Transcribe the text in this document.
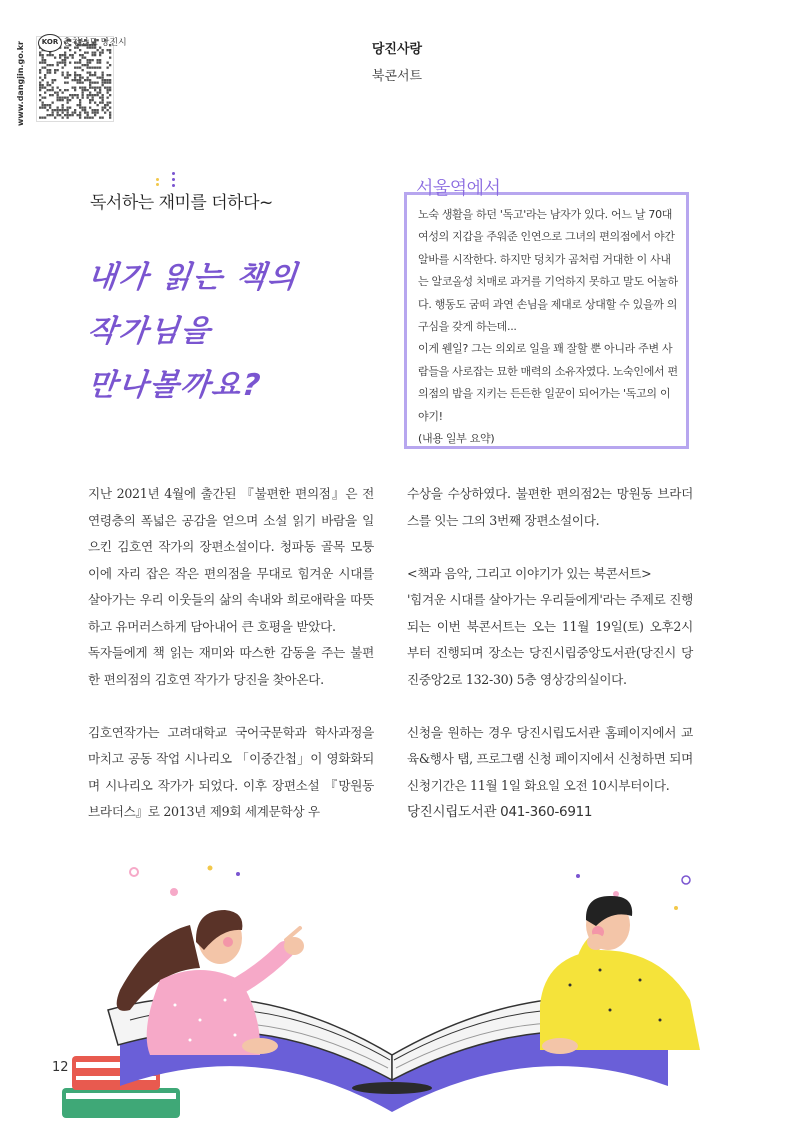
www.dangjin.go.kr	KOR 충청남도 당진시	당진사랑
북콘서트
독서하는 재미를 더하다~
내가 읽는 책의
작가님을
만나볼까요?
서울역에서

노숙 생활을 하던 '독고'라는 남자가 있다. 어느 날 70대 여성의 지갑을 주워준 인연으로 그녀의 편의점에서 야간 알바를 시작한다. 하지만 덩치가 곰처럼 거대한 이 사내는 알코올성 치매로 과거를 기억하지 못하고 말도 어눌하다. 행동도 굼떠 과연 손님을 제대로 상대할 수 있을까 의구심을 갖게 하는데...

이게 웬일? 그는 의외로 일을 꽤 잘할 뿐 아니라 주변 사람들을 사로잡는 묘한 매력의 소유자였다. 노숙인에서 편의점의 밤을 지키는 든든한 일꾼이 되어가는 '독고의 이야기!

(내용 일부 요약)

지난 2021년 4월에 출간된 『불편한 편의점』은 전 연령층의 폭넓은 공감을 얻으며 소설 읽기 바람을 일으킨 김호연 작가의 장편소설이다. 청파동 골목 모퉁이에 자리 잡은 작은 편의점을 무대로 힘겨운 시대를 살아가는 우리 이웃들의 삶의 속내와 희로애락을 따뜻하고 유머러스하게 담아내어 큰 호평을 받았다.

독자들에게 책 읽는 재미와 따스한 감동을 주는 불편한 편의점의 김호연 작가가 당진을 찾아온다.

김호연작가는 고려대학교 국어국문학과 학사과정을 마치고 공동 작업 시나리오 「이중간첩」이 영화화되며 시나리오 작가가 되었다. 이후 장편소설 『망원동 브라더스』로 2013년 제9회 세계문학상 우

수상을 수상하였다. 불편한 편의점2는 망원동 브라더스를 잇는 그의 3번째 장편소설이다.

<책과 음악, 그리고 이야기가 있는 북콘서트>

'힘겨운 시대를 살아가는 우리들에게'라는 주제로 진행되는 이번 북콘서트는 오는 11월 19일(토) 오후2시 부터 진행되며 장소는 당진시립중앙도서관(당진시 당진중앙2로 132-30) 5층 영상강의실이다.

신청을 원하는 경우 당진시립도서관 홈페이지에서 교육&행사 탭, 프로그램 신청 페이지에서 신청하면 되며 신청기간은 11월 1일 화요일 오전 10시부터이다.

당진시립도서관 041-360-6911

12
